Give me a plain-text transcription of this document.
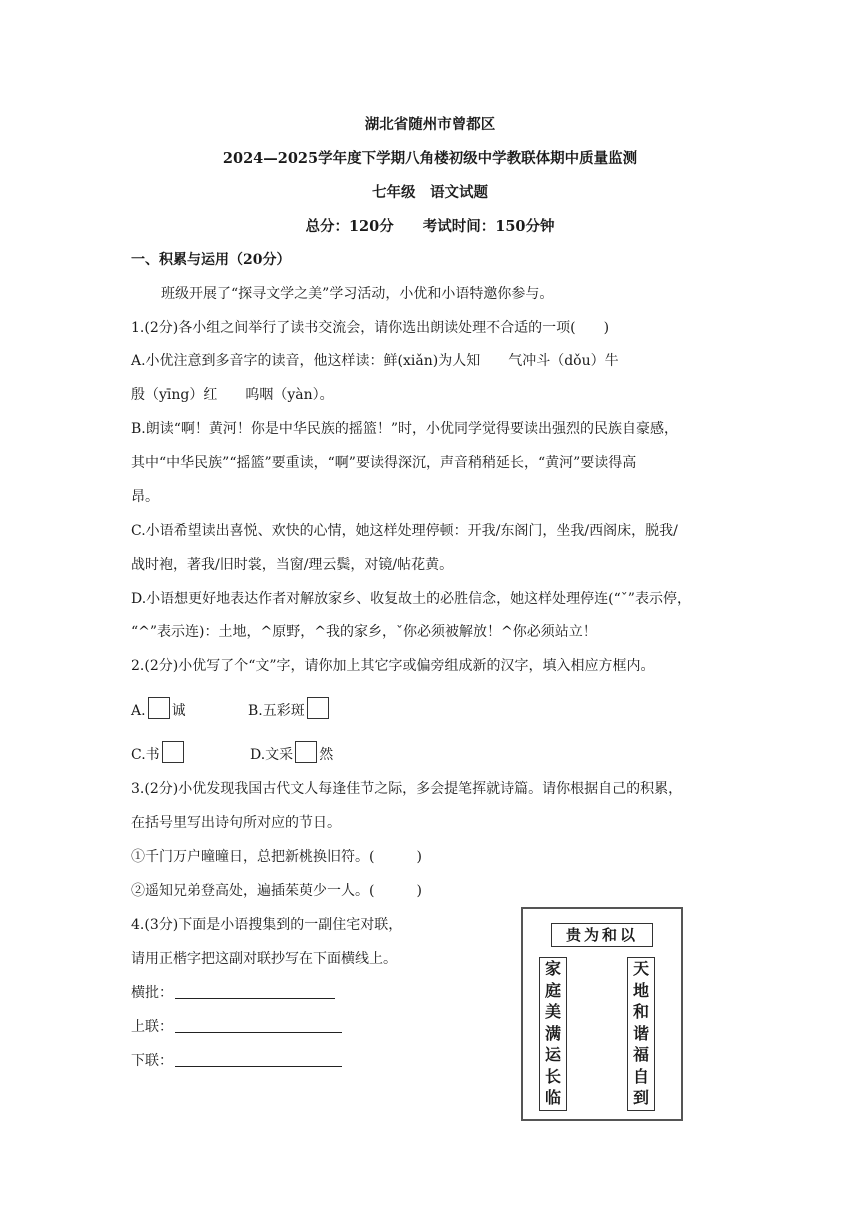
湖北省随州市曾都区
2024—2025学年度下学期八角楼初级中学教联体期中质量监测
七年级　语文试题
总分：120分　　考试时间：150分钟
一、积累与运用（20分）
班级开展了“探寻文学之美”学习活动，小优和小语特邀你参与。
1.(2分)各小组之间举行了读书交流会，请你选出朗读处理不合适的一项(　　)
A.小优注意到多音字的读音，他这样读：鲜(xiǎn)为人知　　气冲斗（dǒu）牛
殷（yīng）红　　呜咽（yàn）。
B.朗读“啊！黄河！你是中华民族的摇篮！”时，小优同学觉得要读出强烈的民族自豪感，
其中“中华民族”“摇篮”要重读，“啊”要读得深沉，声音稍稍延长，“黄河”要读得高
昂。
C.小语希望读出喜悦、欢快的心情，她这样处理停顿：开我/东阁门，坐我/西阁床，脱我/
战时袍，著我/旧时裳，当窗/理云鬓，对镜/帖花黄。
D.小语想更好地表达作者对解放家乡、收复故土的必胜信念，她这样处理停连(“ˇ”表示停，
“^”表示连)：土地，^原野，^我的家乡，ˇ你必须被解放！^你必须站立！
2.(2分)小优写了个“文”字，请你加上其它字或偏旁组成新的汉字，填入相应方框内。
A. 诚	B.五彩斑
C.书	D.文采 然
3.(2分)小优发现我国古代文人每逢佳节之际，多会提笔挥就诗篇。请你根据自己的积累，
在括号里写出诗句所对应的节日。
①千门万户曈曈日，总把新桃换旧符。(　　　)
②遥知兄弟登高处，遍插茱萸少一人。(　　　)
4.(3分)下面是小语搜集到的一副住宅对联，
请用正楷字把这副对联抄写在下面横线上。
横批：
上联：
下联：
贵为和以
天
地
和
谐
福
自
到
家
庭
美
满
运
长
临
